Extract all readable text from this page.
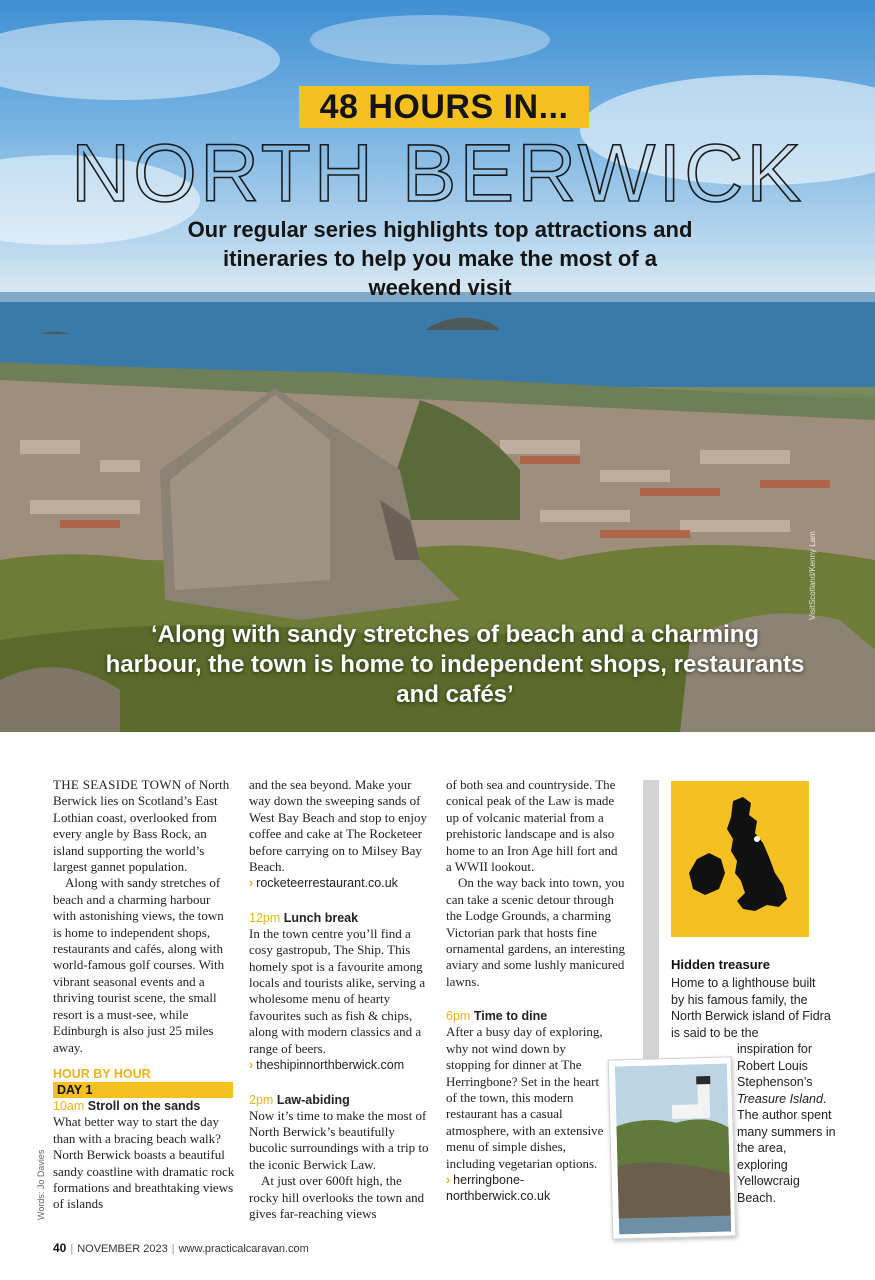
48 HOURS IN...
NORTH BERWICK
Our regular series highlights top attractions and itineraries to help you make the most of a weekend visit
‘Along with sandy stretches of beach and a charming harbour, the town is home to independent shops, restaurants and cafés’
VisitScotland/Kenny Lam

THE SEASIDE TOWN of North Berwick lies on Scotland’s East Lothian coast, overlooked from every angle by Bass Rock, an island supporting the world’s largest gannet population.

Along with sandy stretches of beach and a charming harbour with astonishing views, the town is home to independent shops, restaurants and cafés, along with world-famous golf courses. With vibrant seasonal events and a thriving tourist scene, the small resort is a must-see, while Edinburgh is also just 25 miles away.

HOUR BY HOUR
DAY 1
10am Stroll on the sands

What better way to start the day than with a bracing beach walk? North Berwick boasts a beautiful sandy coastline with dramatic rock formations and breathtaking views of islands

and the sea beyond. Make your way down the sweeping sands of West Bay Beach and stop to enjoy coffee and cake at The Rocketeer before carrying on to Milsey Bay Beach.

› rocketeerrestaurant.co.uk
12pm Lunch break

In the town centre you’ll find a cosy gastropub, The Ship. This homely spot is a favourite among locals and tourists alike, serving a wholesome menu of hearty favourites such as fish & chips, along with modern classics and a range of beers.

› theshipinnorthberwick.com
2pm Law-abiding

Now it’s time to make the most of North Berwick’s beautifully bucolic surroundings with a trip to the iconic Berwick Law.

At just over 600ft high, the rocky hill overlooks the town and gives far-reaching views

of both sea and countryside. The conical peak of the Law is made up of volcanic material from a prehistoric landscape and is also home to an Iron Age hill fort and a WWII lookout.

On the way back into town, you can take a scenic detour through the Lodge Grounds, a charming Victorian park that hosts fine ornamental gardens, an interesting aviary and some lushly manicured lawns.

6pm Time to dine

After a busy day of exploring, why not wind down by stopping for dinner at The Herringbone? Set in the heart of the town, this modern restaurant has a casual atmosphere, with an extensive menu of simple dishes, including vegetarian options.

› herringbone-northberwick.co.uk
Hidden treasure
Home to a lighthouse built by his famous family, the North Berwick island of Fidra is said to be the
inspiration for Robert Louis Stephenson’s Treasure Island. The author spent many summers in the area, exploring Yellowcraig Beach.
Words: Jo Davies
40 | NOVEMBER 2023 | www.practicalcaravan.com
